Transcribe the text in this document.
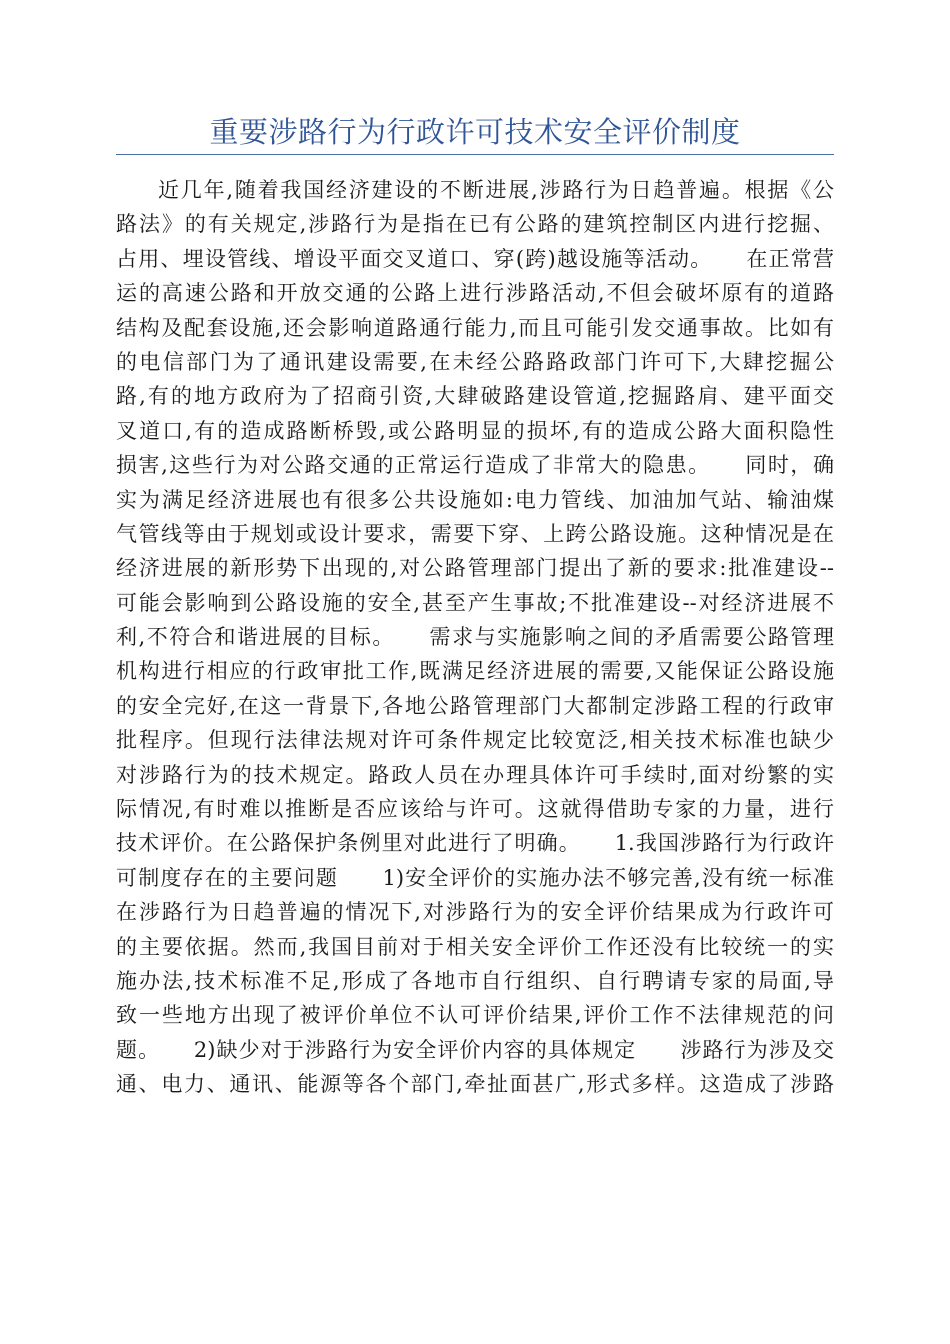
重要涉路行为行政许可技术安全评价制度
近几年,随着我国经济建设的不断进展,涉路行为日趋普遍。根据《公
路法》的有关规定,涉路行为是指在已有公路的建筑控制区内进行挖掘、
占用、埋设管线、增设平面交叉道口、穿(跨)越设施等活动。　　在正常营
运的高速公路和开放交通的公路上进行涉路活动,不但会破坏原有的道路
结构及配套设施,还会影响道路通行能力,而且可能引发交通事故。比如有
的电信部门为了通讯建设需要,在未经公路路政部门许可下,大肆挖掘公
路,有的地方政府为了招商引资,大肆破路建设管道,挖掘路肩、建平面交
叉道口,有的造成路断桥毁,或公路明显的损坏,有的造成公路大面积隐性
损害,这些行为对公路交通的正常运行造成了非常大的隐患。　　同时，确
实为满足经济进展也有很多公共设施如:电力管线、加油加气站、输油煤
气管线等由于规划或设计要求，需要下穿、上跨公路设施。这种情况是在
经济进展的新形势下出现的,对公路管理部门提出了新的要求:批准建设--
可能会影响到公路设施的安全,甚至产生事故;不批准建设--对经济进展不
利,不符合和谐进展的目标。　　需求与实施影响之间的矛盾需要公路管理
机构进行相应的行政审批工作,既满足经济进展的需要,又能保证公路设施
的安全完好,在这一背景下,各地公路管理部门大都制定涉路工程的行政审
批程序。但现行法律法规对许可条件规定比较宽泛,相关技术标准也缺少
对涉路行为的技术规定。路政人员在办理具体许可手续时,面对纷繁的实
际情况,有时难以推断是否应该给与许可。这就得借助专家的力量，进行
技术评价。在公路保护条例里对此进行了明确。　　1.我国涉路行为行政许
可制度存在的主要问题　　1)安全评价的实施办法不够完善,没有统一标准
在涉路行为日趋普遍的情况下,对涉路行为的安全评价结果成为行政许可
的主要依据。然而,我国目前对于相关安全评价工作还没有比较统一的实
施办法,技术标准不足,形成了各地市自行组织、自行聘请专家的局面,导
致一些地方出现了被评价单位不认可评价结果,评价工作不法律规范的问
题。　　2)缺少对于涉路行为安全评价内容的具体规定　　涉路行为涉及交
通、电力、通讯、能源等各个部门,牵扯面甚广,形式多样。这造成了涉路
